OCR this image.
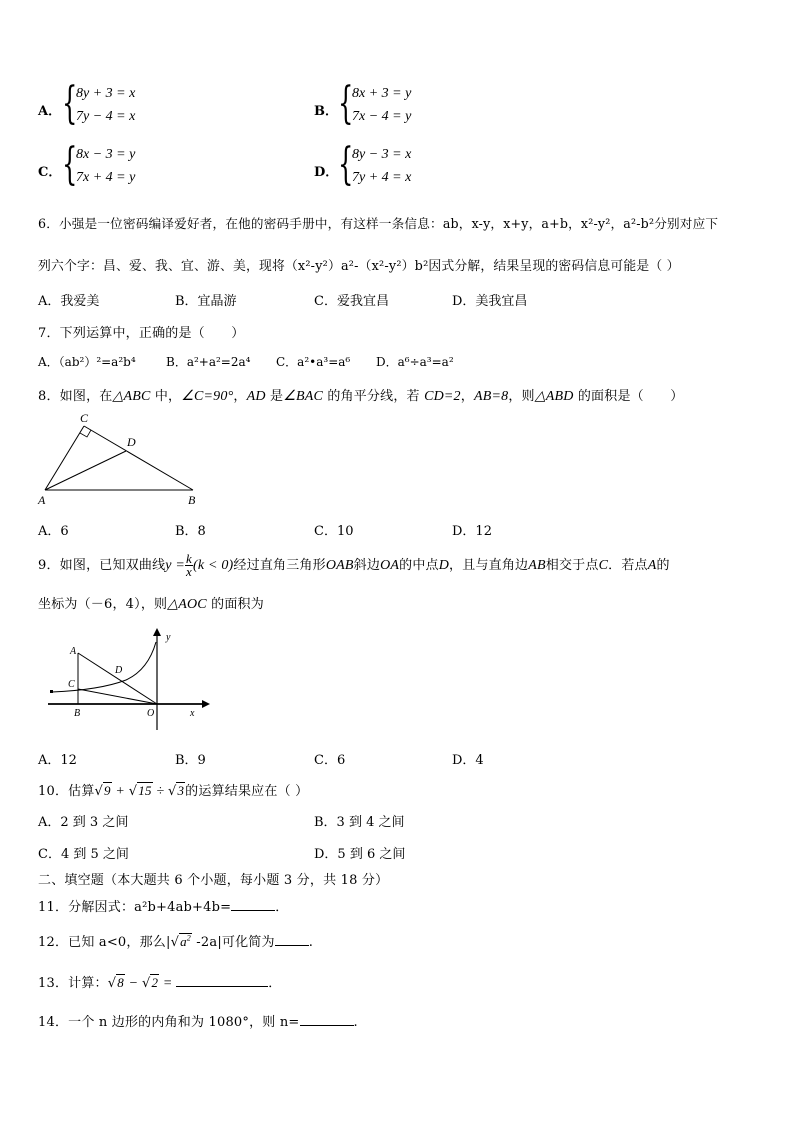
A． {
8y + 3 = x
7y − 4 = x	B． {
8x + 3 = y
7x − 4 = y
C． {
8x − 3 = y
7x + 4 = y	D． {
8y − 3 = x
7y + 4 = x
6．小强是一位密码编译爱好者，在他的密码手册中，有这样一条信息：ab，x-y，x+y，a+b，x²-y²，a²-b²分别对应下
列六个字：昌、爱、我、宜、游、美，现将（x²-y²）a²-（x²-y²）b²因式分解，结果呈现的密码信息可能是（ ）
A．我爱美	B．宜晶游	C．爱我宜昌	D．美我宜昌
7．下列运算中，正确的是（　　）
A．（ab²）²=a²b⁴	B．a²+a²=2a⁴ C．a²•a³=a⁶ D．a⁶÷a³=a²
8．如图，在△ABC 中，∠C=90°，AD 是∠BAC 的角平分线，若 CD=2，AB=8，则△ABD 的面积是（　　）
C
D
A	B
A．6	B．8	C．10	D．12
9．如图，已知双曲线$y = \frac{k}{x} (k < 0)$经过直角三角形OAB斜边OA的中点D，且与直角边AB相交于点C．若点A的
坐标为（－6，4），则△AOC 的面积为
A
C
D
B	O	x
y
A．12	B．9	C．6	D．4
10．估算√9 + √15 ÷ √3的运算结果应在（ ）
A．2 到 3 之间	B．3 到 4 之间
C．4 到 5 之间	D．5 到 6 之间
二、填空题（本大题共 6 个小题，每小题 3 分，共 18 分）
11．分解因式：a²b+4ab+4b=	．
12．已知 a<0，那么$|√a^2$ -2a|可化简为	.
13．计算：√8 − √2 =	．
14．一个 n 边形的内角和为 1080°，则 n=	.
